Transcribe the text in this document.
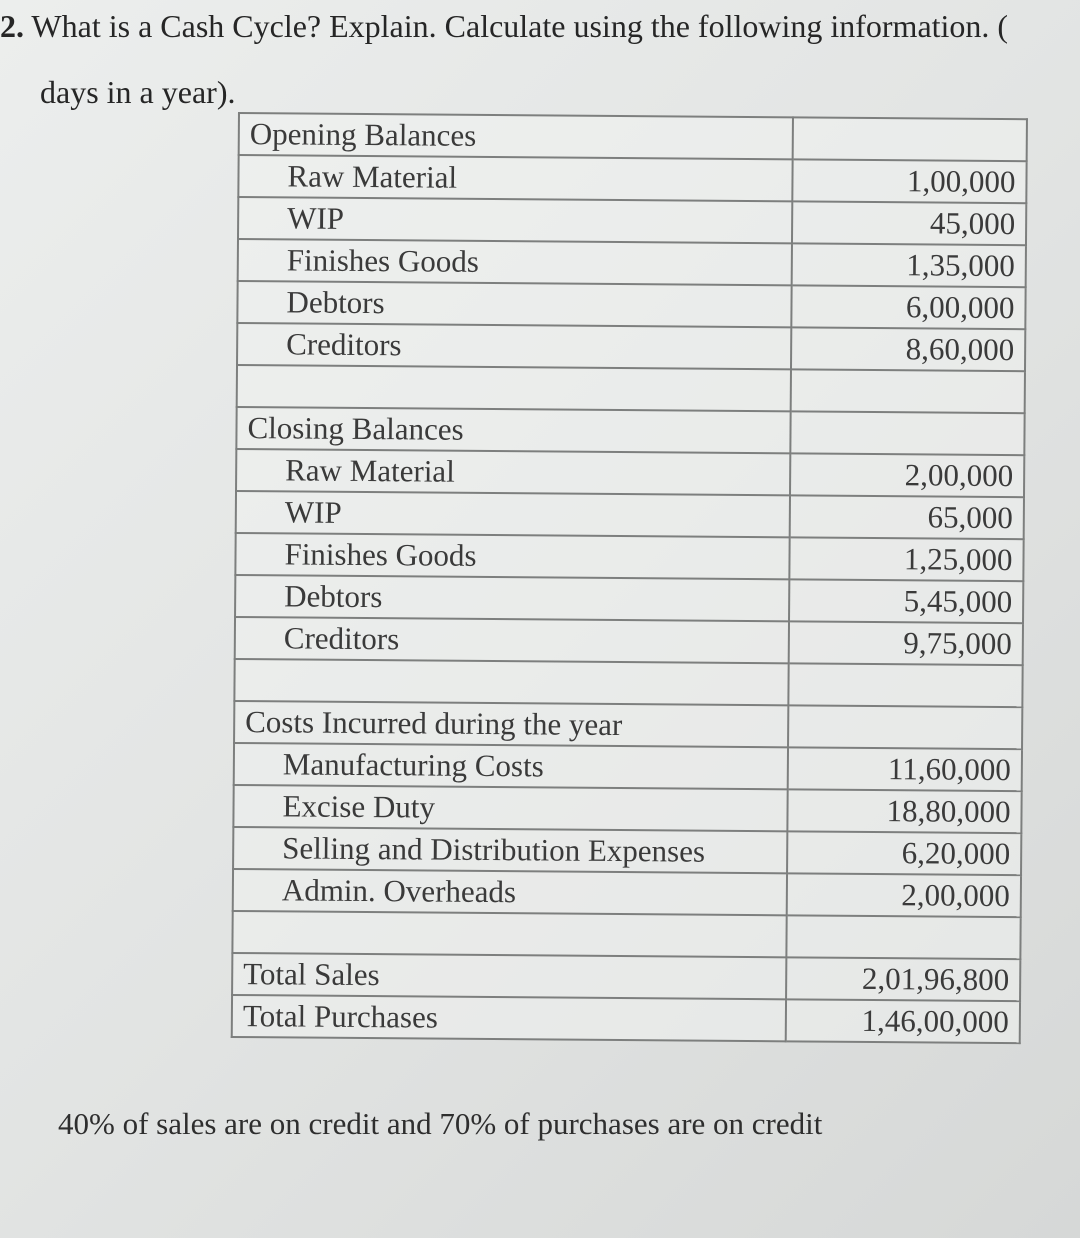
2. What is a Cash Cycle? Explain. Calculate using the following information. (
days in a year).
Opening Balances	
Raw Material	1,00,000
WIP	45,000
Finishes Goods	1,35,000
Debtors	6,00,000
Creditors	8,60,000

Closing Balances	
Raw Material	2,00,000
WIP	65,000
Finishes Goods	1,25,000
Debtors	5,45,000
Creditors	9,75,000

Costs Incurred during the year	
Manufacturing Costs	11,60,000
Excise Duty	18,80,000
Selling and Distribution Expenses	6,20,000
Admin. Overheads	2,00,000

Total Sales	2,01,96,800
Total Purchases	1,46,00,000
40% of sales are on credit and 70% of purchases are on credit
